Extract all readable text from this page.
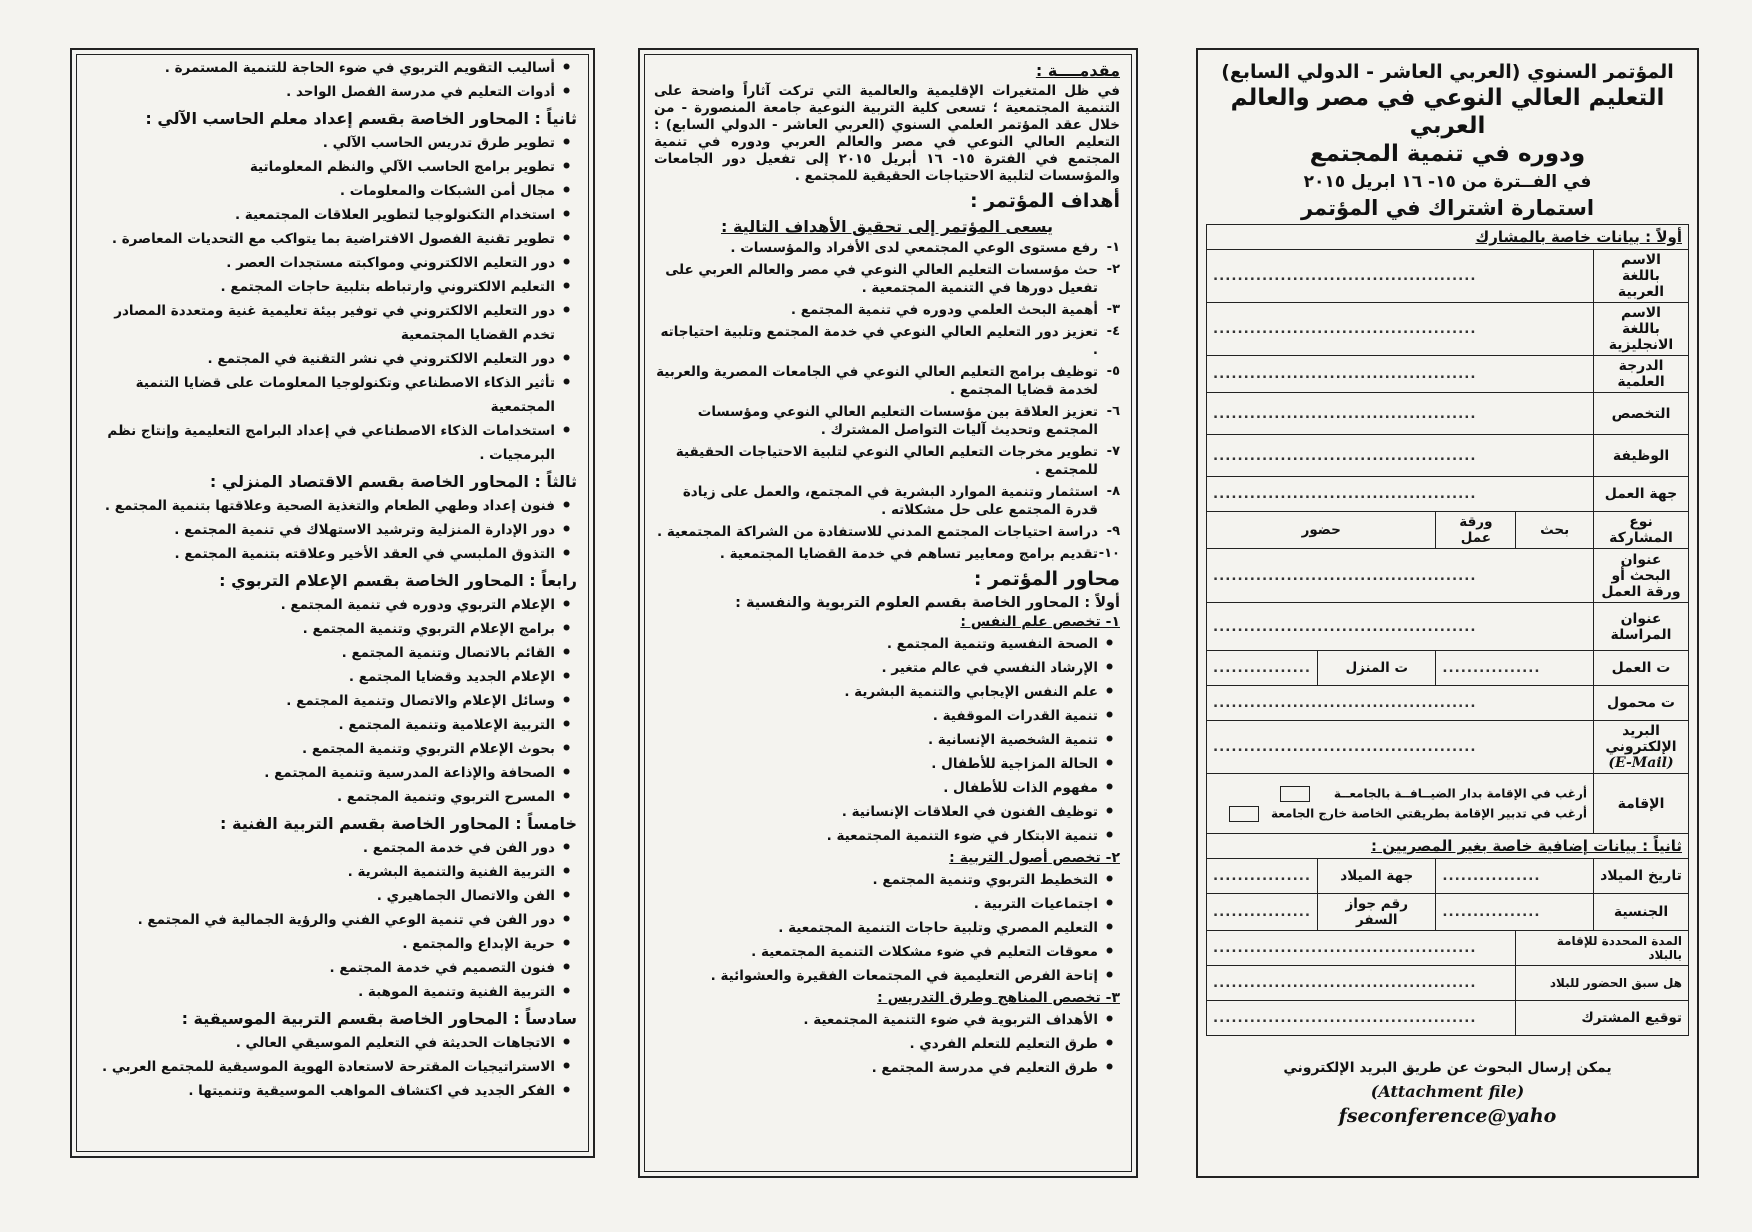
• أساليب التقويم التربوي في ضوء الحاجة للتنمية المستمرة .
• أدوات التعليم في مدرسة الفصل الواحد .
ثانياً : المحاور الخاصة بقسم إعداد معلم الحاسب الآلي :
• تطوير طرق تدريس الحاسب الآلي .
• تطوير برامج الحاسب الآلي والنظم المعلوماتية
• مجال أمن الشبكات والمعلومات .
• استخدام التكنولوجيا لتطوير العلاقات المجتمعية .
• تطوير تقنية الفصول الافتراضية بما يتواكب مع التحديات المعاصرة .
• دور التعليم الالكتروني ومواكبته مستجدات العصر .
• التعليم الالكتروني وارتباطه بتلبية حاجات المجتمع .
• دور التعليم الالكتروني في توفير بيئة تعليمية غنية ومتعددة المصادر تخدم القضايا المجتمعية
• دور التعليم الالكتروني في نشر التقنية في المجتمع .
• تأثير الذكاء الاصطناعي وتكنولوجيا المعلومات على قضايا التنمية المجتمعية
• استخدامات الذكاء الاصطناعي في إعداد البرامج التعليمية وإنتاج نظم البرمجيات .
ثالثاً : المحاور الخاصة بقسم الاقتصاد المنزلي :
• فنون إعداد وطهي الطعام والتغذية الصحية وعلاقتها بتنمية المجتمع .
• دور الإدارة المنزلية وترشيد الاستهلاك في تنمية المجتمع .
• التذوق الملبسي في العقد الأخير وعلاقته بتنمية المجتمع .
رابعاً : المحاور الخاصة بقسم الإعلام التربوي :
• الإعلام التربوي ودوره في تنمية المجتمع .
• برامج الإعلام التربوي وتنمية المجتمع .
• القائم بالاتصال وتنمية المجتمع .
• الإعلام الجديد وقضايا المجتمع .
• وسائل الإعلام والاتصال وتنمية المجتمع .
• التربية الإعلامية وتنمية المجتمع .
• بحوث الإعلام التربوي وتنمية المجتمع .
• الصحافة والإذاعة المدرسية وتنمية المجتمع .
• المسرح التربوي وتنمية المجتمع .
خامساً : المحاور الخاصة بقسم التربية الفنية :
• دور الفن في خدمة المجتمع .
• التربية الفنية والتنمية البشرية .
• الفن والاتصال الجماهيري .
• دور الفن في تنمية الوعي الفني والرؤية الجمالية في المجتمع .
• حرية الإبداع والمجتمع .
• فنون التصميم في خدمة المجتمع .
• التربية الفنية وتنمية الموهبة .
سادساً : المحاور الخاصة بقسم التربية الموسيقية :
• الاتجاهات الحديثة في التعليم الموسيقي العالي .
• الاستراتيجيات المقترحة لاستعادة الهوية الموسيقية للمجتمع العربي .
• الفكر الجديد في اكتشاف المواهب الموسيقية وتنميتها .
مقدمــــة :
في ظل المتغيرات الإقليمية والعالمية التي تركت آثاراً واضحة على التنمية المجتمعية ؛ تسعى كلية التربية النوعية جامعة المنصورة - من خلال عقد المؤتمر العلمي السنوي (العربي العاشر - الدولي السابع) : التعليم العالي النوعي في مصر والعالم العربي ودوره في تنمية المجتمع في الفترة ١٥- ١٦ أبريل ٢٠١٥ إلى تفعيل دور الجامعات والمؤسسات لتلبية الاحتياجات الحقيقية للمجتمع .
أهداف المؤتمر :
يسعى المؤتمر إلى تحقيق الأهداف التالية :
١-
رفع مستوى الوعي المجتمعي لدى الأفراد والمؤسسات .
٢-
حث مؤسسات التعليم العالي النوعي في مصر والعالم العربي على تفعيل دورها في التنمية المجتمعية .
٣-
أهمية البحث العلمي ودوره في تنمية المجتمع .
٤-
تعزيز دور التعليم العالي النوعي في خدمة المجتمع وتلبية احتياجاته .
٥-
توظيف برامج التعليم العالي النوعي في الجامعات المصرية والعربية لخدمة قضايا المجتمع .
٦-
تعزيز العلاقة بين مؤسسات التعليم العالي النوعي ومؤسسات المجتمع وتحديث آليات التواصل المشترك .
٧-
تطوير مخرجات التعليم العالي النوعي لتلبية الاحتياجات الحقيقية للمجتمع .
٨-
استثمار وتنمية الموارد البشرية في المجتمع، والعمل على زيادة قدرة المجتمع على حل مشكلاته .
٩-
دراسة احتياجات المجتمع المدني للاستفادة من الشراكة المجتمعية .
١٠-
تقديم برامج ومعايير تساهم في خدمة القضايا المجتمعية .
محاور المؤتمر :
أولاً : المحاور الخاصة بقسم العلوم التربوية والنفسية :
١- تخصص علم النفس :
• الصحة النفسية وتنمية المجتمع .
• الإرشاد النفسي في عالم متغير .
• علم النفس الإيجابي والتنمية البشرية .
• تنمية القدرات الموقفية .
• تنمية الشخصية الإنسانية .
• الحالة المزاجية للأطفال .
• مفهوم الذات للأطفال .
• توظيف الفنون في العلاقات الإنسانية .
• تنمية الابتكار في ضوء التنمية المجتمعية .
٢- تخصص أصول التربية :
• التخطيط التربوي وتنمية المجتمع .
• اجتماعيات التربية .
• التعليم المصري وتلبية حاجات التنمية المجتمعية .
• معوقات التعليم في ضوء مشكلات التنمية المجتمعية .
• إتاحة الفرص التعليمية في المجتمعات الفقيرة والعشوائية .
٣- تخصص المناهج وطرق التدريس :
• الأهداف التربوية في ضوء التنمية المجتمعية .
• طرق التعليم للتعلم الفردي .
• طرق التعليم في مدرسة المجتمع .
المؤتمر السنوي (العربي العاشر - الدولي السابع)
التعليم العالي النوعي في مصر والعالم العربي
ودوره في تنمية المجتمع
في الفــترة من ١٥- ١٦ ابريل ٢٠١٥
استمارة اشتراك في المؤتمر
أولاً : بيانات خاصة بالمشارك				
الاسم باللغة العربية	...........................................			
الاسم باللغة الانجليزية	...........................................			
الدرجة العلمية	...........................................			
التخصص	...........................................			
الوظيفة	...........................................			
جهة العمل	...........................................			
نوع المشاركة	بحث	ورقة عمل	حضور	
عنوان البحث أو ورقة العمل	...........................................			
عنوان المراسلة	...........................................			
ت العمل	................		ت المنزل	................
ت محمول	...........................................			
البريد الإلكتروني
(E-Mail)	...........................................			
الإقامة	أرغب في الإقامة بدار الضيــافــة بالجامعــة
أرغب في تدبير الإقامة بطريقتي الخاصة خارج الجامعة			

ثانياً : بيانات إضافية خاصة بغير المصريين :				
تاريخ الميلاد	................		جهة الميلاد	................
الجنسية	................		رقم جواز السفر	................
المدة المحددة للإقامة بالبلاد		...........................................		
هل سبق الحضور للبلاد		...........................................		
توقيع المشترك		...........................................		
يمكن إرسال البحوث عن طريق البريد الإلكتروني
(Attachment file)
fseconference@yaho
